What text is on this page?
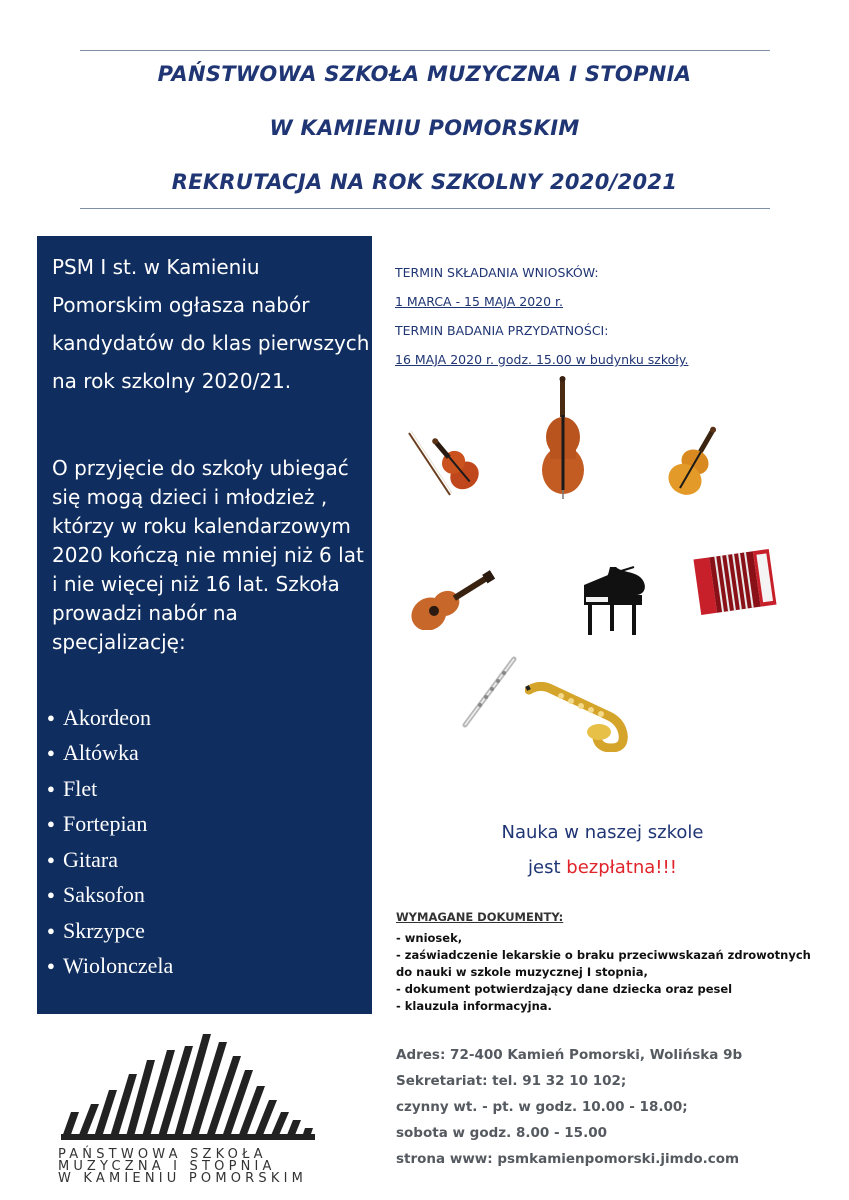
PAŃSTWOWA SZKOŁA MUZYCZNA I STOPNIA
W KAMIENIU POMORSKIM
REKRUTACJA NA ROK SZKOLNY 2020/2021
PSM I st. w Kamieniu Pomorskim ogłasza nabór kandydatów do klas pierwszych na rok szkolny 2020/21.
O przyjęcie do szkoły ubiegać się mogą dzieci i młodzież , którzy w roku kalendarzowym 2020 kończą nie mniej niż 6 lat i nie więcej niż 16 lat. Szkoła prowadzi nabór na specjalizację:
● Akordeon
● Altówka
● Flet
● Fortepian
● Gitara
● Saksofon
● Skrzypce
● Wiolonczela
TERMIN SKŁADANIA WNIOSKÓW:
1 MARCA - 15 MAJA 2020 r.
TERMIN BADANIA PRZYDATNOŚCI:
16 MAJA 2020 r. godz. 15.00 w budynku szkoły.
Nauka w naszej szkole
jest bezpłatna!!!
WYMAGANE DOKUMENTY:
- wniosek,
- zaświadczenie lekarskie o braku przeciwwskazań zdrowotnych do nauki w szkole muzycznej I stopnia,
- dokument potwierdzający dane dziecka oraz pesel
- klauzula informacyjna.
Adres: 72-400 Kamień Pomorski, Wolińska 9b
Sekretariat: tel. 91 32 10 102;
czynny wt. - pt. w godz. 10.00 - 18.00;
sobota w godz. 8.00 - 15.00
strona www: psmkamienpomorski.jimdo.com
PAŃSTWOWA SZKOŁA
MUZYCZNA I STOPNIA
W KAMIENIU POMORSKIM
